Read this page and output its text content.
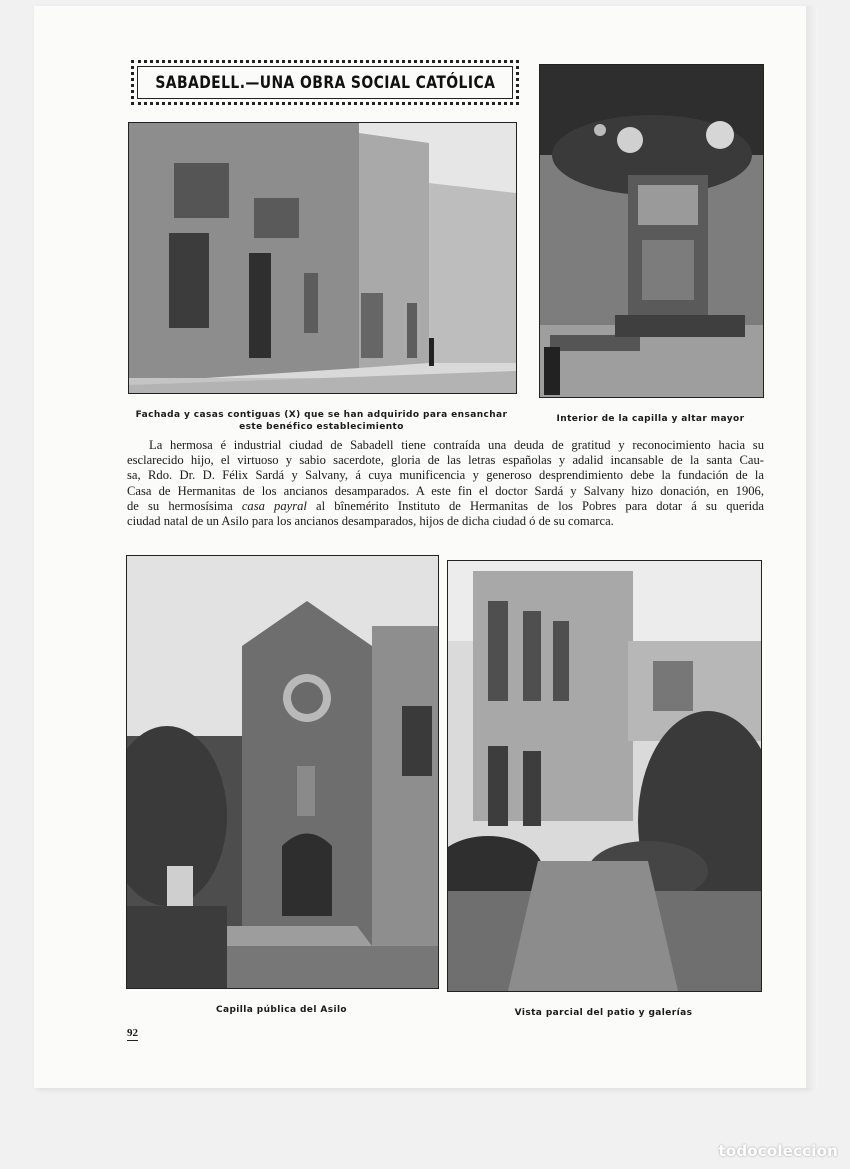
SABADELL.—UNA OBRA SOCIAL CATÓLICA
Fachada y casas contiguas (X) que se han adquirido para ensanchar
este benéfico establecimiento
Interior de la capilla y altar mayor
La hermosa é industrial ciudad de Sabadell tiene contraída una deuda de gratitud y reconocimiento hacia su
esclarecido hijo, el virtuoso y sabio sacerdote, gloria de las letras españolas y adalid incansable de la santa Cau-
sa, Rdo. Dr. D. Félix Sardá y Salvany, á cuya munificencia y generoso desprendimiento debe la fundación de la
Casa de Hermanitas de los ancianos desamparados. A este fin el doctor Sardá y Salvany hizo donación, en 1906,
de su hermosísima casa payral al bînemérito Instituto de Hermanitas de los Pobres para dotar á su querida
ciudad natal de un Asilo para los ancianos desamparados, hijos de dicha ciudad ó de su comarca.
Capilla pública del Asilo	Vista parcial del patio y galerías
92
todocoleccion
